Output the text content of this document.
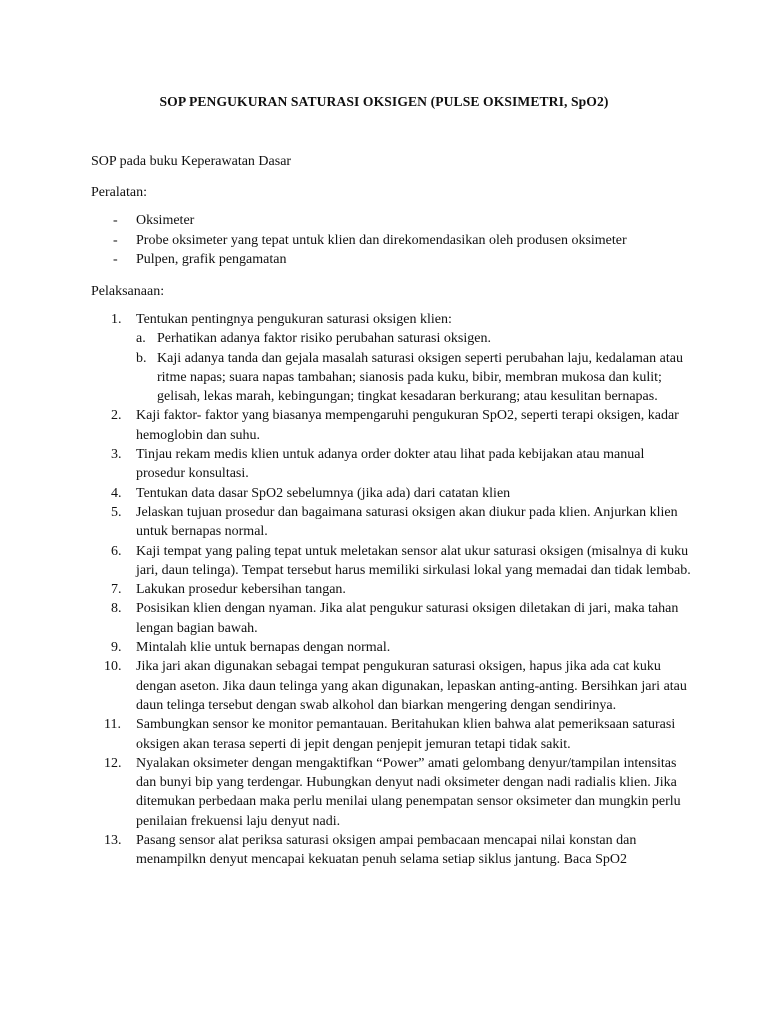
SOP PENGUKURAN SATURASI OKSIGEN (PULSE OKSIMETRI, SpO2)

SOP pada buku Keperawatan Dasar

Peralatan:

- Oksimeter
- Probe oksimeter yang tepat untuk klien dan direkomendasikan oleh produsen oksimeter
- Pulpen, grafik pengamatan

Pelaksanaan:

1. Tentukan pentingnya pengukuran saturasi oksigen klien:
a. Perhatikan adanya faktor risiko perubahan saturasi oksigen.
b. Kaji adanya tanda dan gejala masalah saturasi oksigen seperti perubahan laju, kedalaman atau ritme napas; suara napas tambahan; sianosis pada kuku, bibir, membran mukosa dan kulit; gelisah, lekas marah, kebingungan; tingkat kesadaran berkurang; atau kesulitan bernapas.
2. Kaji faktor- faktor yang biasanya mempengaruhi pengukuran SpO2, seperti terapi oksigen, kadar hemoglobin dan suhu.
3. Tinjau rekam medis klien untuk adanya order dokter atau lihat pada kebijakan atau manual prosedur konsultasi.
4. Tentukan data dasar SpO2 sebelumnya (jika ada) dari catatan klien
5. Jelaskan tujuan prosedur dan bagaimana saturasi oksigen akan diukur pada klien. Anjurkan klien untuk bernapas normal.
6. Kaji tempat yang paling tepat untuk meletakan sensor alat ukur saturasi oksigen (misalnya di kuku jari, daun telinga). Tempat tersebut harus memiliki sirkulasi lokal yang memadai dan tidak lembab.
7. Lakukan prosedur kebersihan tangan.
8. Posisikan klien dengan nyaman. Jika alat pengukur saturasi oksigen diletakan di jari, maka tahan lengan bagian bawah.
9. Mintalah klie untuk bernapas dengan normal.
10. Jika jari akan digunakan sebagai tempat pengukuran saturasi oksigen, hapus jika ada cat kuku dengan aseton. Jika daun telinga yang akan digunakan, lepaskan anting-anting. Bersihkan jari atau daun telinga tersebut dengan swab alkohol dan biarkan mengering dengan sendirinya.
11. Sambungkan sensor ke monitor pemantauan. Beritahukan klien bahwa alat pemeriksaan saturasi oksigen akan terasa seperti di jepit dengan penjepit jemuran tetapi tidak sakit.
12. Nyalakan oksimeter dengan mengaktifkan “Power” amati gelombang denyur/tampilan intensitas dan bunyi bip yang terdengar. Hubungkan denyut nadi oksimeter dengan nadi radialis klien. Jika ditemukan perbedaan maka perlu menilai ulang penempatan sensor oksimeter dan mungkin perlu penilaian frekuensi laju denyut nadi.
13. Pasang sensor alat periksa saturasi oksigen ampai pembacaan mencapai nilai konstan dan menampilkn denyut mencapai kekuatan penuh selama setiap siklus jantung. Baca SpO2
